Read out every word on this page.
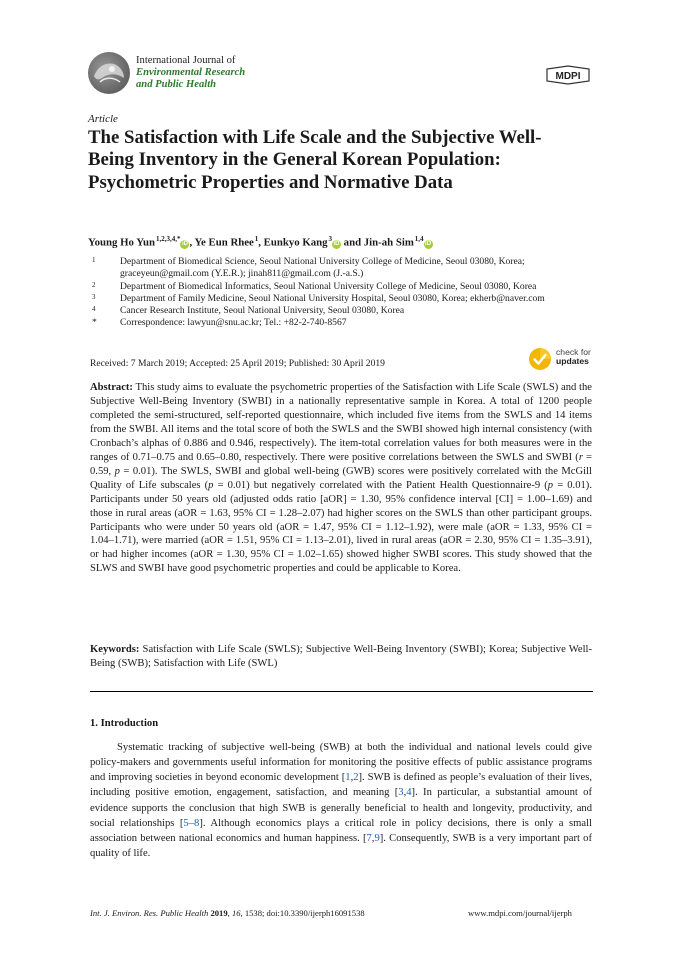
International Journal of
Environmental Research
and Public Health
MDPI
Article
The Satisfaction with Life Scale and the Subjective Well-Being Inventory in the General Korean Population: Psychometric Properties and Normative Data
Young Ho Yun $^{1,2,3,4,*}$iD , Ye Eun Rhee $^1$, Eunkyo Kang $^3$iD and Jin-ah Sim $^{1,4}$iD
1	Department of Biomedical Science, Seoul National University College of Medicine, Seoul 03080, Korea; graceyeun@gmail.com (Y.E.R.); jinah811@gmail.com (J.-a.S.)
2	Department of Biomedical Informatics, Seoul National University College of Medicine, Seoul 03080, Korea
3	Department of Family Medicine, Seoul National University Hospital, Seoul 03080, Korea; ekherb@naver.com
4	Cancer Research Institute, Seoul National University, Seoul 03080, Korea
* Correspondence: lawyun@snu.ac.kr; Tel.: +82-2-740-8567
Received: 7 March 2019; Accepted: 25 April 2019; Published: 30 April 2019
check for
updates
Abstract: This study aims to evaluate the psychometric properties of the Satisfaction with Life Scale (SWLS) and the Subjective Well-Being Inventory (SWBI) in a nationally representative sample in Korea. A total of 1200 people completed the semi-structured, self-reported questionnaire, which included five items from the SWLS and 14 items from the SWBI. All items and the total score of both the SWLS and the SWBI showed high internal consistency (with Cronbach’s alphas of 0.886 and 0.946, respectively). The item-total correlation values for both measures were in the ranges of 0.71–0.75 and 0.65–0.80, respectively. There were positive correlations between the SWLS and SWBI (r = 0.59, p = 0.01). The SWLS, SWBI and global well-being (GWB) scores were positively correlated with the McGill Quality of Life subscales (p = 0.01) but negatively correlated with the Patient Health Questionnaire-9 (p = 0.01). Participants under 50 years old (adjusted odds ratio [aOR] = 1.30, 95% confidence interval [CI] = 1.00–1.69) and those in rural areas (aOR = 1.63, 95% CI = 1.28–2.07) had higher scores on the SWLS than other participant groups. Participants who were under 50 years old (aOR = 1.47, 95% CI = 1.12–1.92), were male (aOR = 1.33, 95% CI = 1.04–1.71), were married (aOR = 1.51, 95% CI = 1.13–2.01), lived in rural areas (aOR = 2.30, 95% CI = 1.35–3.91), or had higher incomes (aOR = 1.30, 95% CI = 1.02–1.65) showed higher SWBI scores. This study showed that the SLWS and SWBI have good psychometric properties and could be applicable to Korea.
Keywords: Satisfaction with Life Scale (SWLS); Subjective Well-Being Inventory (SWBI); Korea; Subjective Well-Being (SWB); Satisfaction with Life (SWL)
1. Introduction
Systematic tracking of subjective well-being (SWB) at both the individual and national levels could give policy-makers and governments useful information for monitoring the positive effects of public assistance programs and improving societies in beyond economic development [1,2]. SWB is defined as people’s evaluation of their lives, including positive emotion, engagement, satisfaction, and meaning [3,4]. In particular, a substantial amount of evidence supports the conclusion that high SWB is generally beneficial to health and longevity, productivity, and social relationships [5–8]. Although economics plays a critical role in policy decisions, there is only a small association between national economics and human happiness. [7,9]. Consequently, SWB is a very important part of quality of life.
Int. J. Environ. Res. Public Health 2019, 16, 1538; doi:10.3390/ijerph16091538	www.mdpi.com/journal/ijerph
